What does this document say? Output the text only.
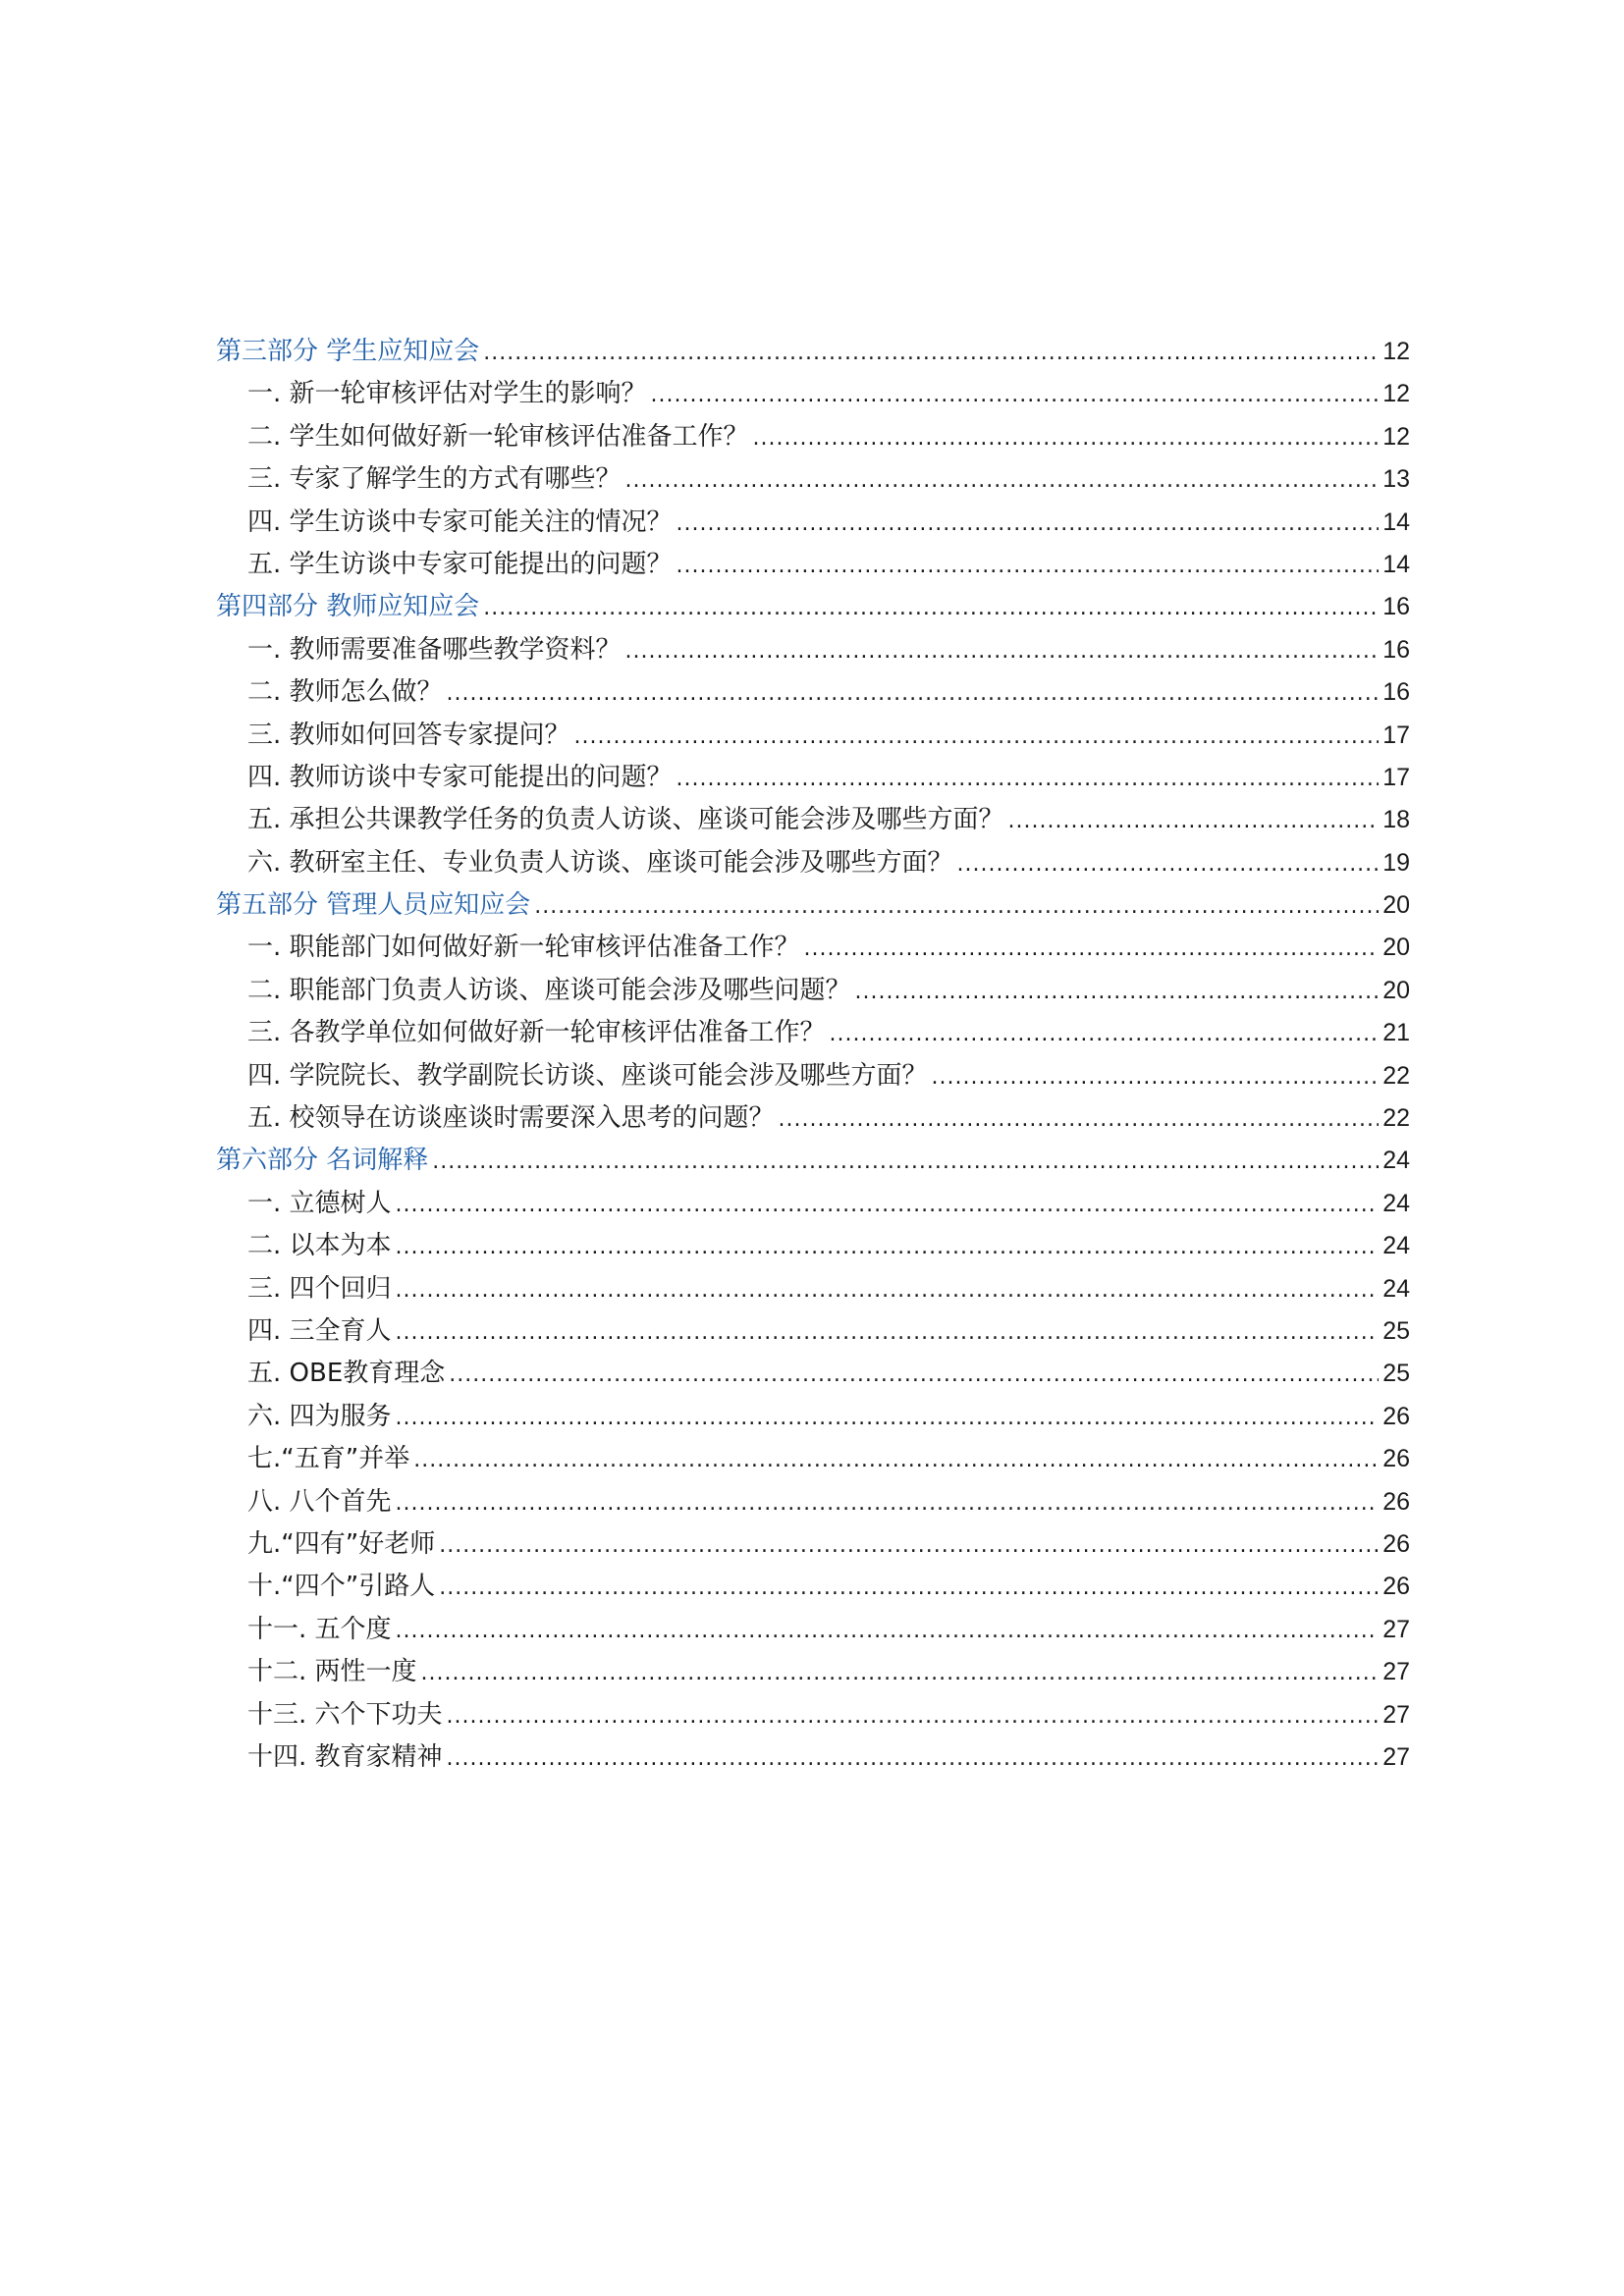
第三部分 学生应知应会 .....	12
一. 新一轮审核评估对学生的影响？ .....	12
二. 学生如何做好新一轮审核评估准备工作？ .....	12
三. 专家了解学生的方式有哪些？ .....	13
四. 学生访谈中专家可能关注的情况？ .....	14
五. 学生访谈中专家可能提出的问题？ .....	14
第四部分 教师应知应会 .....	16
一. 教师需要准备哪些教学资料？ .....	16
二. 教师怎么做？ .....	16
三. 教师如何回答专家提问？ .....	17
四. 教师访谈中专家可能提出的问题？ .....	17
五. 承担公共课教学任务的负责人访谈、座谈可能会涉及哪些方面？ .....	18
六. 教研室主任、专业负责人访谈、座谈可能会涉及哪些方面？ .....	19
第五部分 管理人员应知应会 .....	20
一. 职能部门如何做好新一轮审核评估准备工作？ .....	20
二. 职能部门负责人访谈、座谈可能会涉及哪些问题？ .....	20
三. 各教学单位如何做好新一轮审核评估准备工作？ .....	21
四. 学院院长、教学副院长访谈、座谈可能会涉及哪些方面？ .....	22
五. 校领导在访谈座谈时需要深入思考的问题？ .....	22
第六部分 名词解释 .....	24
一. 立德树人 .....	24
二. 以本为本 .....	24
三. 四个回归 .....	24
四. 三全育人 .....	25
五. OBE教育理念 .....	25
六. 四为服务 .....	26
七.“五育”并举 .....	26
八. 八个首先 .....	26
九.“四有”好老师 .....	26
十.“四个”引路人 .....	26
十一. 五个度 .....	27
十二. 两性一度 .....	27
十三. 六个下功夫 .....	27
十四. 教育家精神 .....	27
